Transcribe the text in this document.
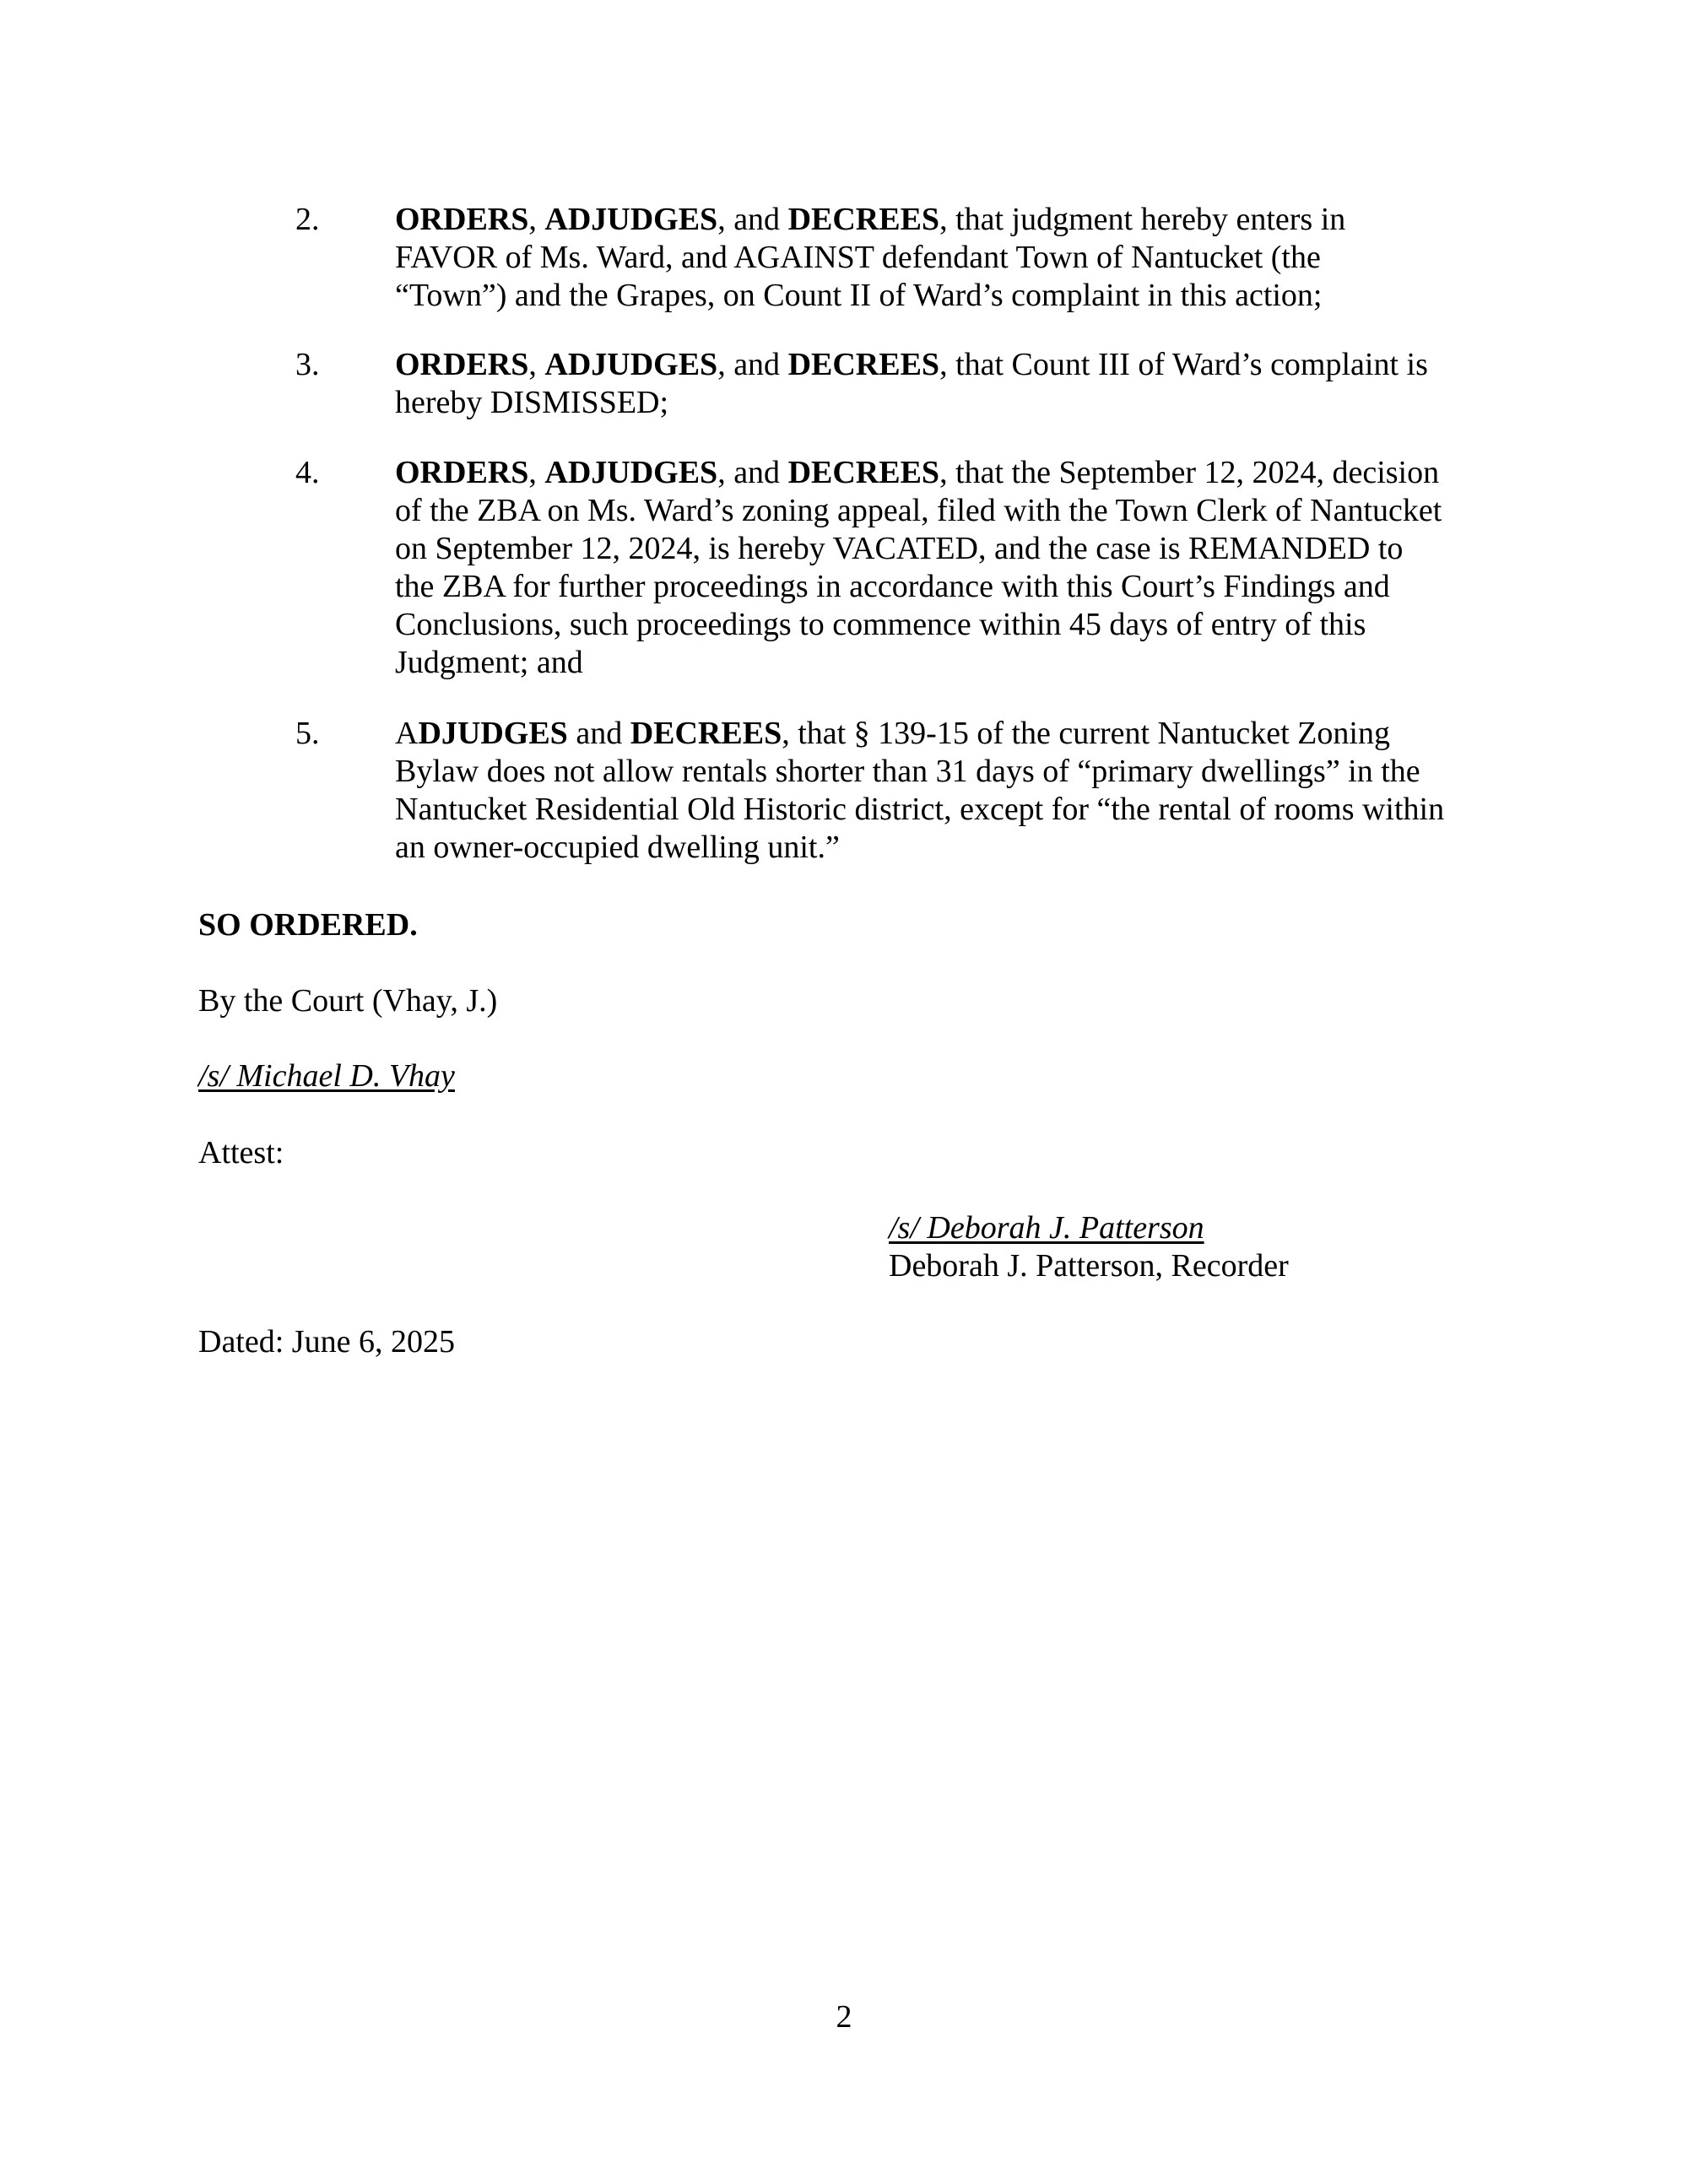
2.	ORDERS, ADJUDGES, and DECREES, that judgment hereby enters in
FAVOR of Ms. Ward, and AGAINST defendant Town of Nantucket (the
“Town”) and the Grapes, on Count II of Ward’s complaint in this action;
3.	ORDERS, ADJUDGES, and DECREES, that Count III of Ward’s complaint is
hereby DISMISSED;
4.	ORDERS, ADJUDGES, and DECREES, that the September 12, 2024, decision
of the ZBA on Ms. Ward’s zoning appeal, filed with the Town Clerk of Nantucket
on September 12, 2024, is hereby VACATED, and the case is REMANDED to
the ZBA for further proceedings in accordance with this Court’s Findings and
Conclusions, such proceedings to commence within 45 days of entry of this
Judgment; and
5.	ADJUDGES and DECREES, that § 139-15 of the current Nantucket Zoning
Bylaw does not allow rentals shorter than 31 days of “primary dwellings” in the
Nantucket Residential Old Historic district, except for “the rental of rooms within
an owner-occupied dwelling unit.”
SO ORDERED.
By the Court (Vhay, J.)
/s/ Michael D. Vhay
Attest:
/s/ Deborah J. Patterson
Deborah J. Patterson, Recorder
Dated: June 6, 2025
2
